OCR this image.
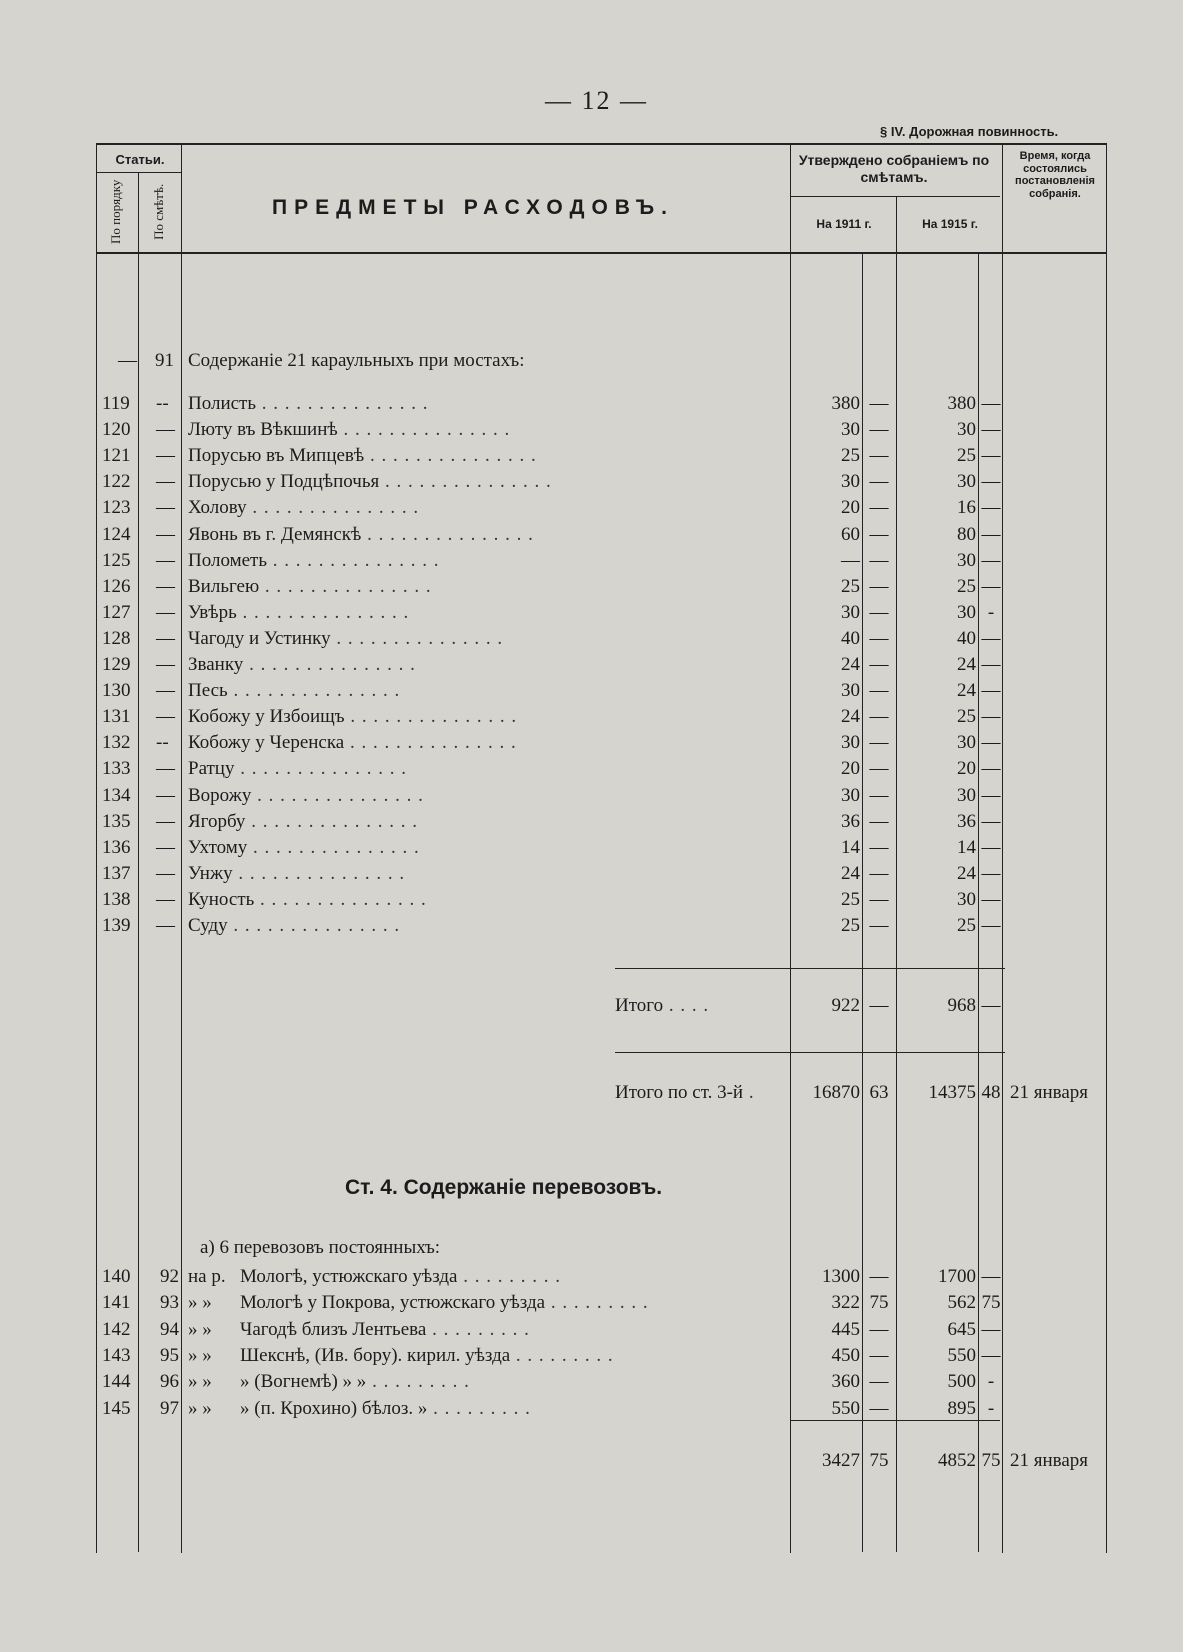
— 12 —
§ IV. Дорожная повинность.
Статьи.
По порядку По смѣтѣ.	ПРЕДМЕТЫ РАСХОДОВЪ.
Утверждено собраніемъ по смѣтамъ.
На 1911 г.	На 1915 г.
Время, когда состоялись постановленія собранія.
— 91 Содержаніе 21 караульныхъ при мостахъ:
119 -- Полисть . . . . . . . . . . . . . . .	380 —	380 —
120 — Люту въ Вѣкшинѣ . . . . . . . . . . . . . . .	30 —	30 —
121 — Порусью въ Мипцевѣ . . . . . . . . . . . . . . .	25 —	25 —
122 — Порусью у Подцѣпочья . . . . . . . . . . . . . . .	30 —	30 —
123 — Холову . . . . . . . . . . . . . . .	20 —	16 —
124 — Явонь въ г. Демянскѣ . . . . . . . . . . . . . . .	60 —	80 —
125 — Полометь . . . . . . . . . . . . . . .	— —	30 —
126 — Вильгею . . . . . . . . . . . . . . .	25 —	25 —
127 — Увѣрь . . . . . . . . . . . . . . .	30 —	30 -
128 — Чагоду и Устинку . . . . . . . . . . . . . . .	40 —	40 —
129 — Званку . . . . . . . . . . . . . . .	24 —	24 —
130 — Песь . . . . . . . . . . . . . . .	30 —	24 —
131 — Кобожу у Избоищъ . . . . . . . . . . . . . . .	24 —	25 —
132 -- Кобожу у Черенска . . . . . . . . . . . . . . .	30 —	30 —
133 — Ратцу . . . . . . . . . . . . . . .	20 —	20 —
134 — Ворожу . . . . . . . . . . . . . . .	30 —	30 —
135 — Ягорбу . . . . . . . . . . . . . . .	36 —	36 —
136 — Ухтому . . . . . . . . . . . . . . .	14 —	14 —
137 — Унжу . . . . . . . . . . . . . . .	24 —	24 —
138 — Куность . . . . . . . . . . . . . . .	25 —	30 —
139 — Суду . . . . . . . . . . . . . . .	25 —	25 —
Итого . . . .	922 —	968 —
Итого по ст. 3-й .	16870 63	14375 48 21 января
Ст. 4. Содержаніе перевозовъ.
а) 6 перевозовъ постоянныхъ:
140 92 на р. Мологѣ, устюжскаго уѣзда . . . . . . . . .	1300 —	1700 —
141 93 » » Мологѣ у Покрова, устюжскаго уѣзда . . . . . . . . .	322 75	562 75
142 94 » » Чагодѣ близъ Лентьева . . . . . . . . .	445 —	645 —
143 95 » » Шекснѣ, (Ив. бору). кирил. уѣзда . . . . . . . . .	450 —	550 —
144 96 » » » (Вогнемѣ) » » . . . . . . . . .	360 —	500 -
145 97 » » » (п. Крохино) бѣлоз. » . . . . . . . . .	550 —	895 -
3427 75	4852 75 21 января
